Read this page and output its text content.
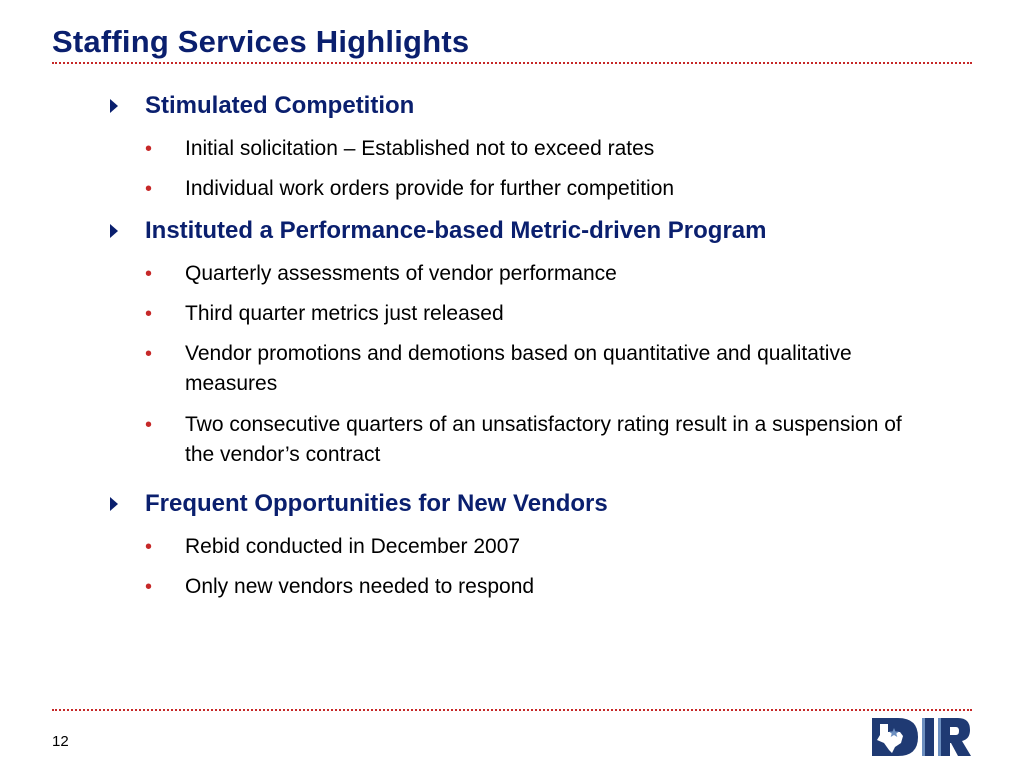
Staffing Services Highlights
Stimulated Competition
• Initial solicitation – Established not to exceed rates
• Individual work orders provide for further competition
Instituted a Performance-based Metric-driven Program
• Quarterly assessments of vendor performance
• Third quarter metrics just released
• Vendor promotions and demotions based on quantitative and qualitative measures
• Two consecutive quarters of an unsatisfactory rating result in a suspension of the vendor’s contract
Frequent Opportunities for New Vendors
• Rebid conducted in December 2007
• Only new vendors needed to respond
12
